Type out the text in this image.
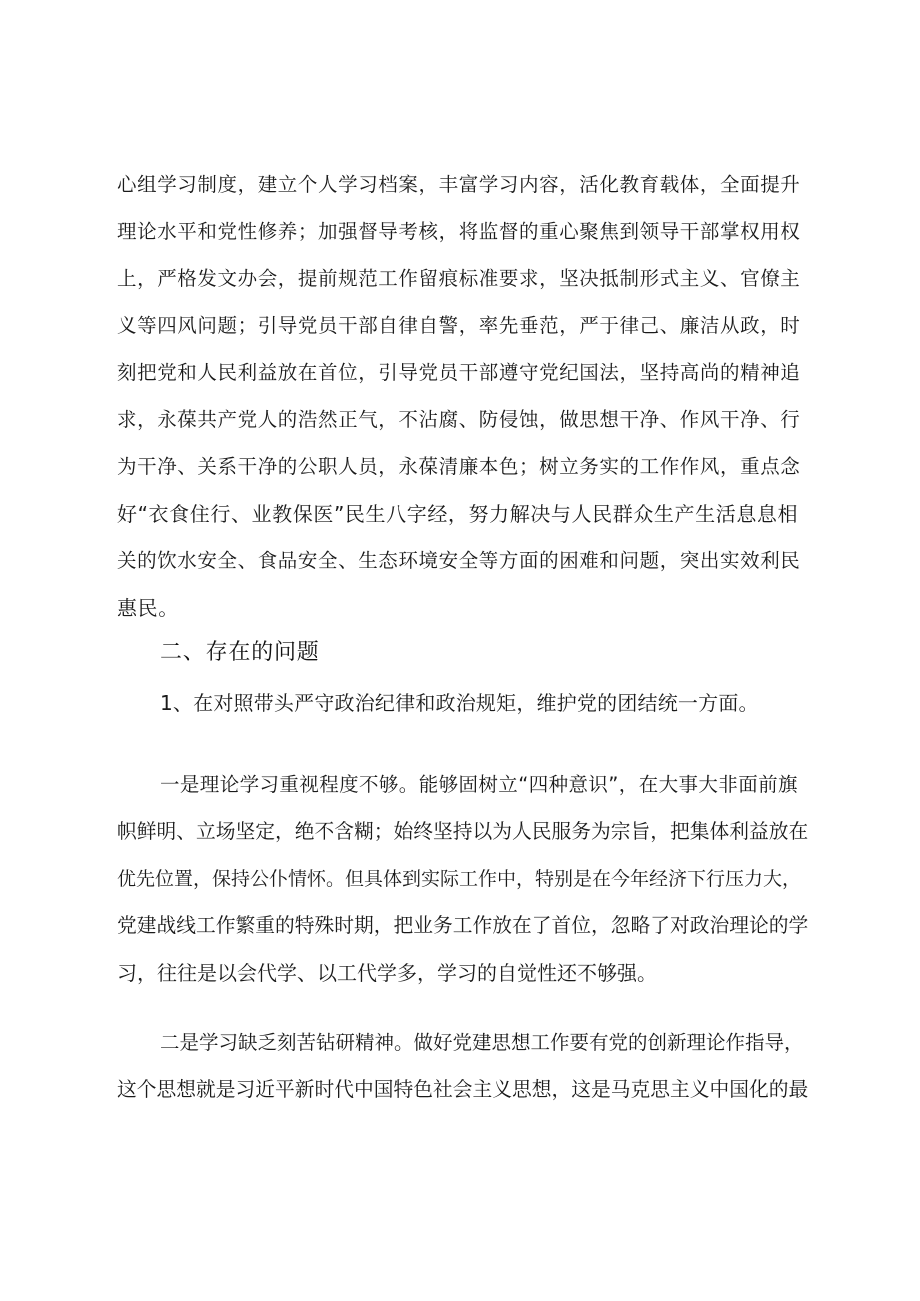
心组学习制度，建立个人学习档案，丰富学习内容，活化教育载体，全面提升
理论水平和党性修养；加强督导考核，将监督的重心聚焦到领导干部掌权用权
上，严格发文办会，提前规范工作留痕标准要求，坚决抵制形式主义、官僚主
义等四风问题；引导党员干部自律自警，率先垂范，严于律己、廉洁从政，时
刻把党和人民利益放在首位，引导党员干部遵守党纪国法，坚持高尚的精神追
求，永葆共产党人的浩然正气，不沾腐、防侵蚀，做思想干净、作风干净、行
为干净、关系干净的公职人员，永葆清廉本色；树立务实的工作作风，重点念
好“衣食住行、业教保医”民生八字经，努力解决与人民群众生产生活息息相
关的饮水安全、食品安全、生态环境安全等方面的困难和问题，突出实效利民
惠民。
二、存在的问题
1、在对照带头严守政治纪律和政治规矩，维护党的团结统一方面。
一是理论学习重视程度不够。能够固树立“四种意识”，在大事大非面前旗
帜鲜明、立场坚定，绝不含糊；始终坚持以为人民服务为宗旨，把集体利益放在
优先位置，保持公仆情怀。但具体到实际工作中，特别是在今年经济下行压力大，
党建战线工作繁重的特殊时期，把业务工作放在了首位，忽略了对政治理论的学
习，往往是以会代学、以工代学多，学习的自觉性还不够强。
二是学习缺乏刻苦钻研精神。做好党建思想工作要有党的创新理论作指导，
这个思想就是习近平新时代中国特色社会主义思想，这是马克思主义中国化的最
